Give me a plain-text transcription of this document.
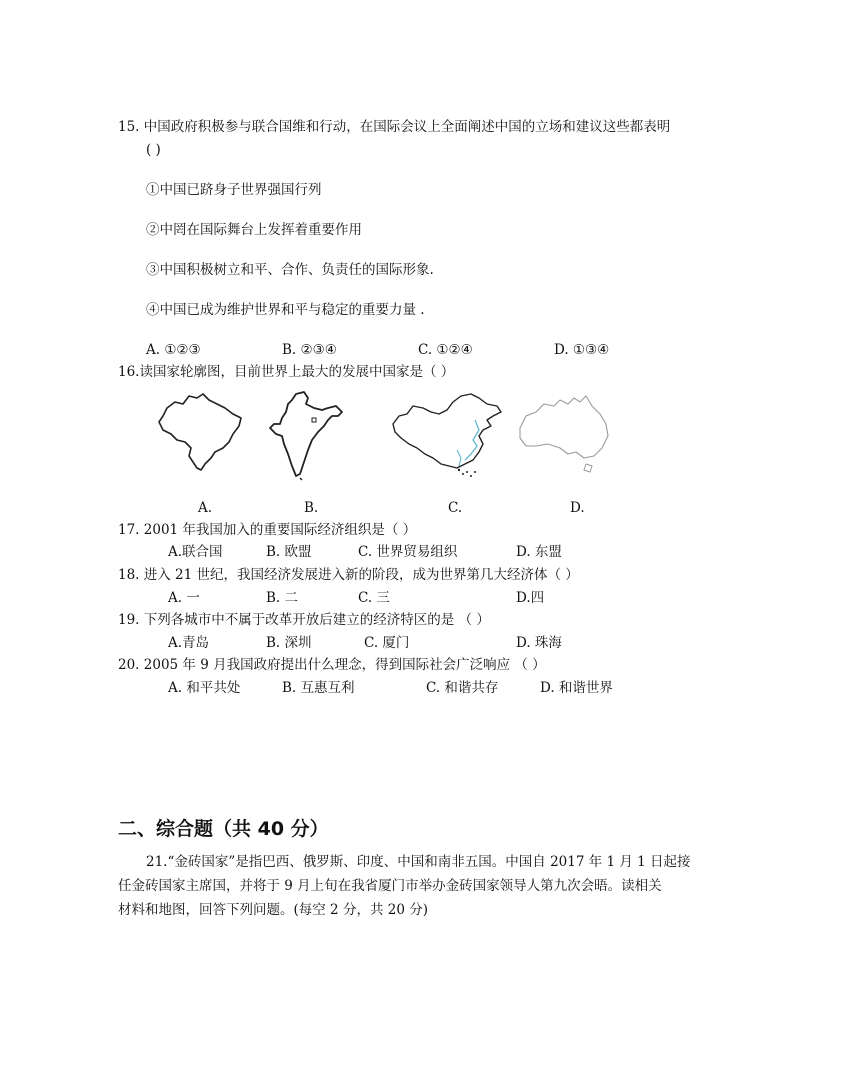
15. 中国政府积极参与联合国维和行动，在国际会议上全面阐述中国的立场和建议这些都表明
( )
①中国已跻身子世界强国行列
②中罔在国际舞台上发挥着重要作用
③中国积极树立和平、合作、负责任的国际形象.
④中国已成为维护世界和平与稳定的重要力量 .
A. ①②③	B. ②③④	C. ①②④	D. ①③④
16.读国家轮廓图，目前世界上最大的发展中国家是（ ）
A.	B.	C.	D.
17. 2001 年我国加入的重要国际经济组织是（ ）
A.联合国	B. 欧盟	C. 世界贸易组织	D. 东盟
18. 进入 21 世纪，我国经济发展进入新的阶段，成为世界第几大经济体（ ）
A. 一	B. 二	C. 三	D.四
19. 下列各城市中不属于改革开放后建立的经济特区的是 （ ）
A.青岛	B. 深圳	C. 厦门	D. 珠海
20. 2005 年 9 月我国政府提出什么理念，得到国际社会广泛响应 （ ）
A. 和平共处	B. 互惠互利	C. 和谐共存	D. 和谐世界
二、综合题（共 40 分）
21.“金砖国家”是指巴西、俄罗斯、印度、中国和南非五国。中国自 2017 年 1 月 1 日起接
任金砖国家主席国，并将于 9 月上旬在我省厦门市举办金砖国家领导人第九次会晤。读相关
材料和地图，回答下列问题。(每空 2 分，共 20 分)
